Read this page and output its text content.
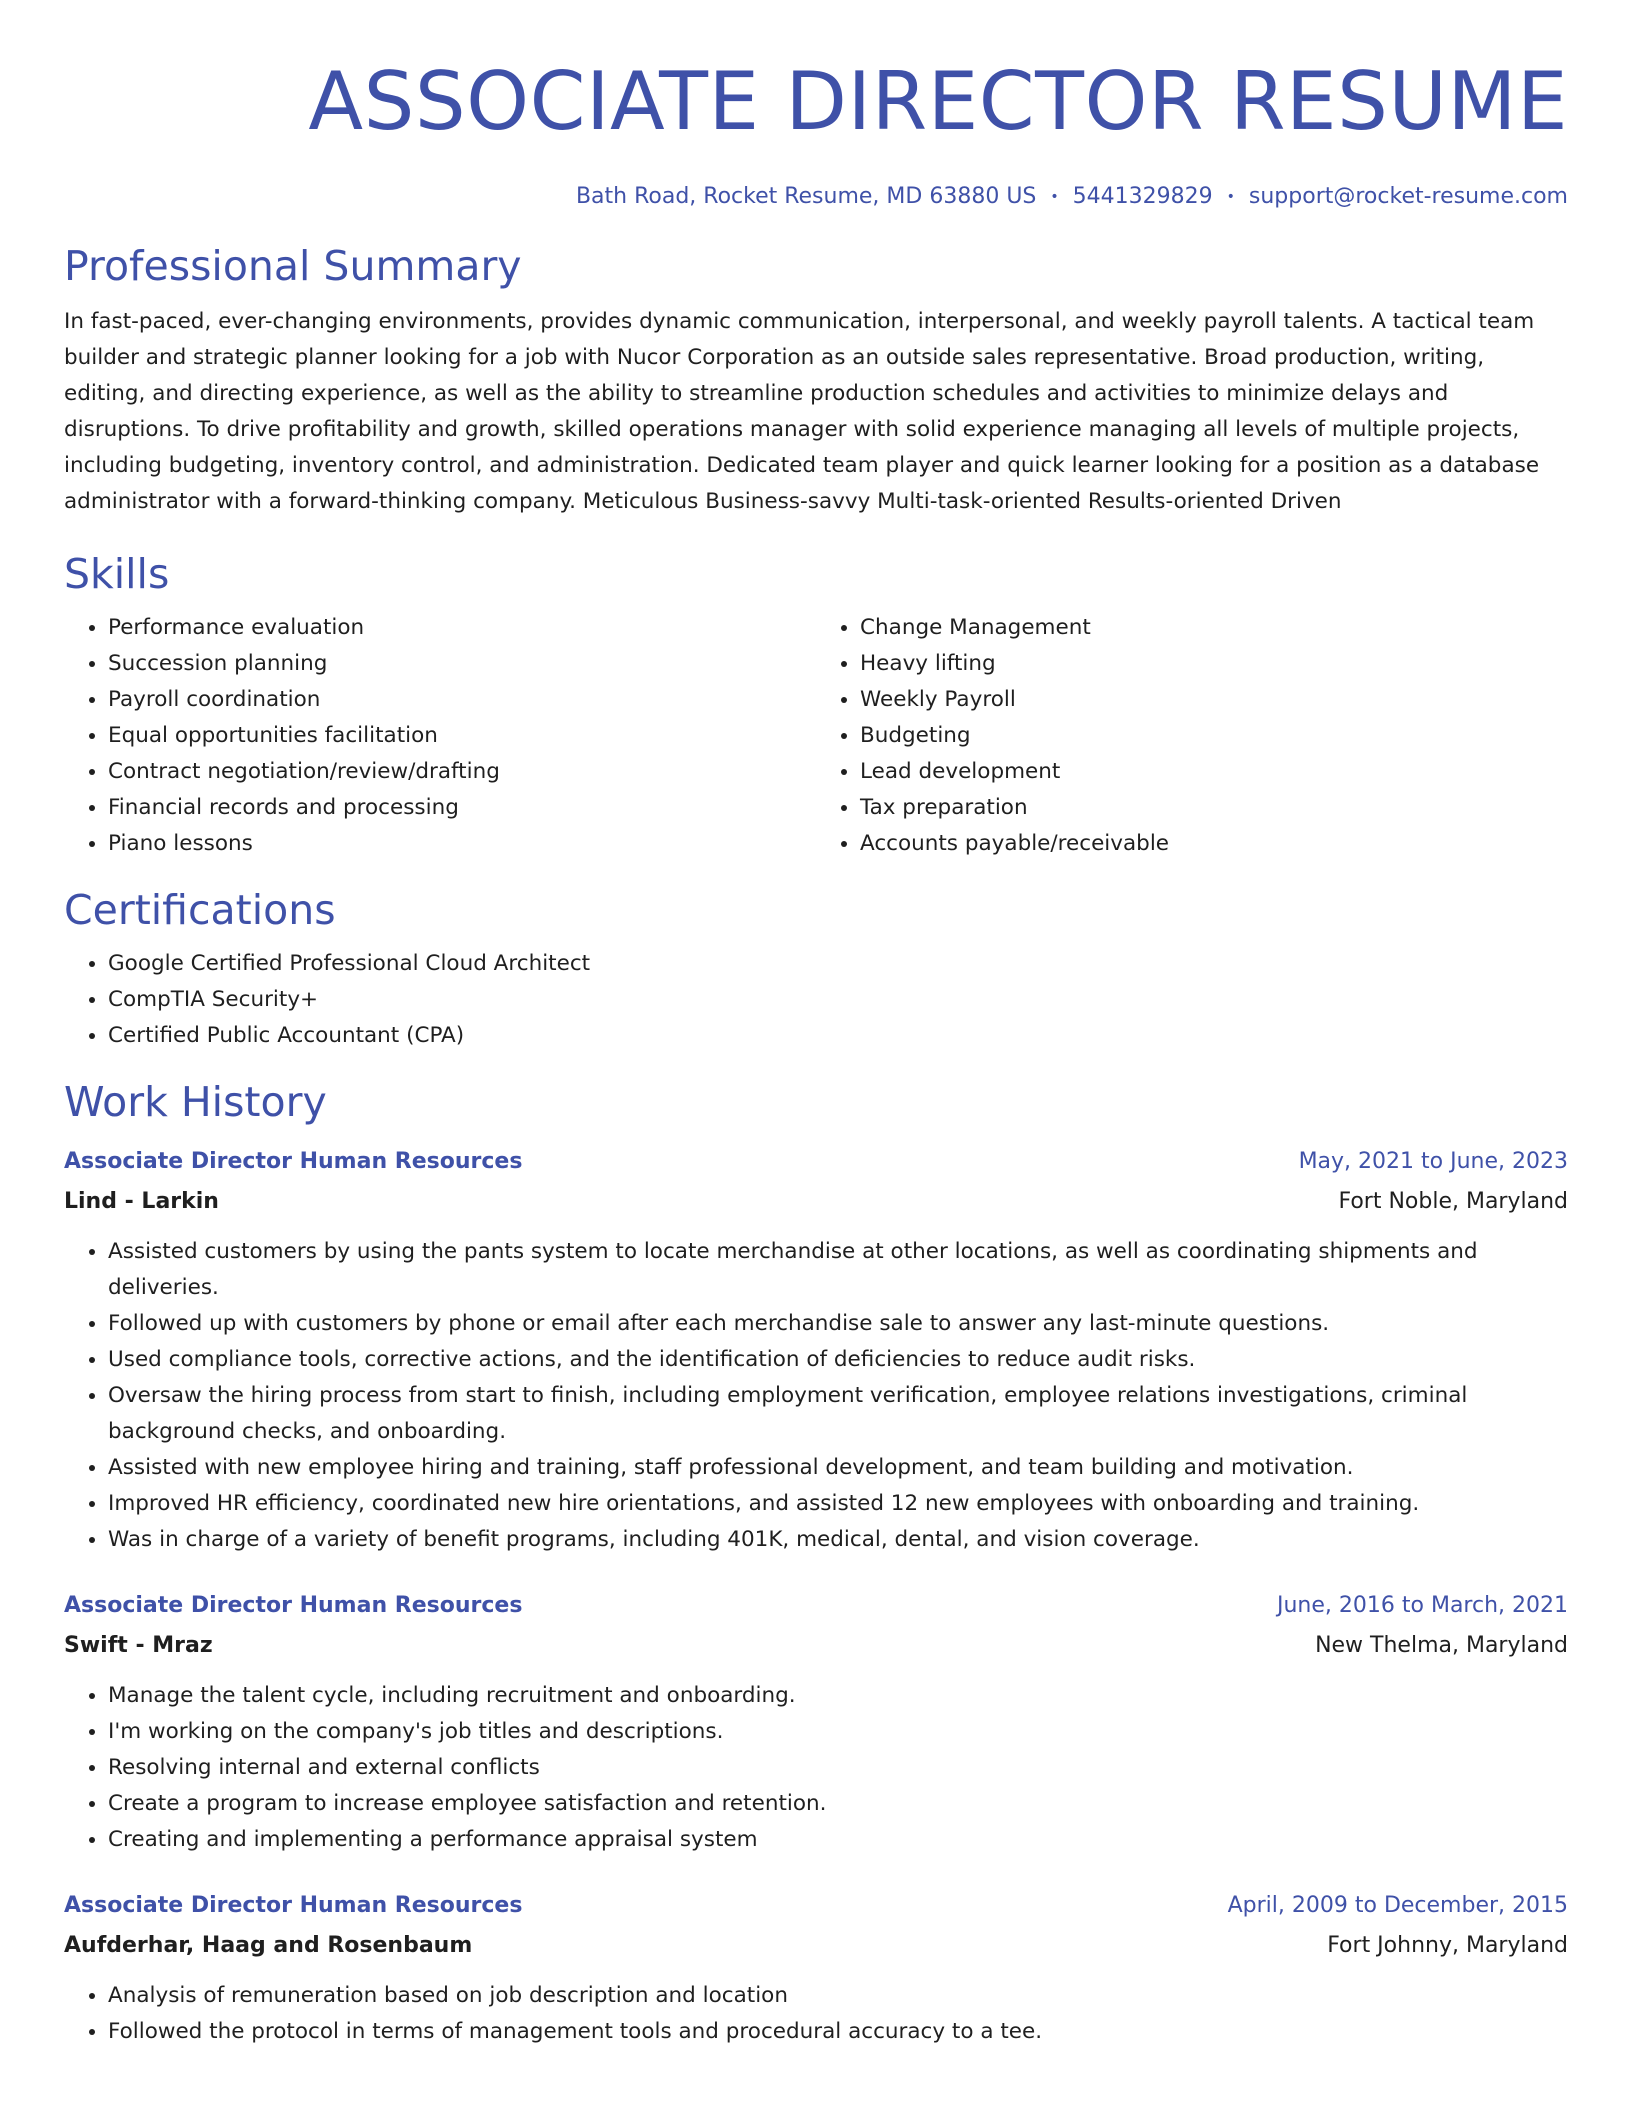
ASSOCIATE DIRECTOR RESUME
Bath Road, Rocket Resume, MD 63880 US • 5441329829 • support@rocket-resume.com
Professional Summary
In fast-paced, ever-changing environments, provides dynamic communication, interpersonal, and weekly payroll talents. A tactical team builder and strategic planner looking for a job with Nucor Corporation as an outside sales representative. Broad production, writing, editing, and directing experience, as well as the ability to streamline production schedules and activities to minimize delays and disruptions. To drive profitability and growth, skilled operations manager with solid experience managing all levels of multiple projects, including budgeting, inventory control, and administration. Dedicated team player and quick learner looking for a position as a database administrator with a forward-thinking company. Meticulous Business-savvy Multi-task-oriented Results-oriented Driven
Skills
• Performance evaluation
• Succession planning
• Payroll coordination
• Equal opportunities facilitation
• Contract negotiation/review/drafting
• Financial records and processing
• Piano lessons
• Change Management
• Heavy lifting
• Weekly Payroll
• Budgeting
• Lead development
• Tax preparation
• Accounts payable/receivable
Certifications
• Google Certified Professional Cloud Architect
• CompTIA Security+
• Certified Public Accountant (CPA)
Work History
Associate Director Human Resources	May, 2021 to June, 2023
Lind - Larkin	Fort Noble, Maryland
• Assisted customers by using the pants system to locate merchandise at other locations, as well as coordinating shipments and deliveries.
• Followed up with customers by phone or email after each merchandise sale to answer any last-minute questions.
• Used compliance tools, corrective actions, and the identification of deficiencies to reduce audit risks.
• Oversaw the hiring process from start to finish, including employment verification, employee relations investigations, criminal background checks, and onboarding.
• Assisted with new employee hiring and training, staff professional development, and team building and motivation.
• Improved HR efficiency, coordinated new hire orientations, and assisted 12 new employees with onboarding and training.
• Was in charge of a variety of benefit programs, including 401K, medical, dental, and vision coverage.
Associate Director Human Resources	June, 2016 to March, 2021
Swift - Mraz	New Thelma, Maryland
• Manage the talent cycle, including recruitment and onboarding.
• I'm working on the company's job titles and descriptions.
• Resolving internal and external conflicts
• Create a program to increase employee satisfaction and retention.
• Creating and implementing a performance appraisal system
Associate Director Human Resources	April, 2009 to December, 2015
Aufderhar, Haag and Rosenbaum	Fort Johnny, Maryland
• Analysis of remuneration based on job description and location
• Followed the protocol in terms of management tools and procedural accuracy to a tee.
